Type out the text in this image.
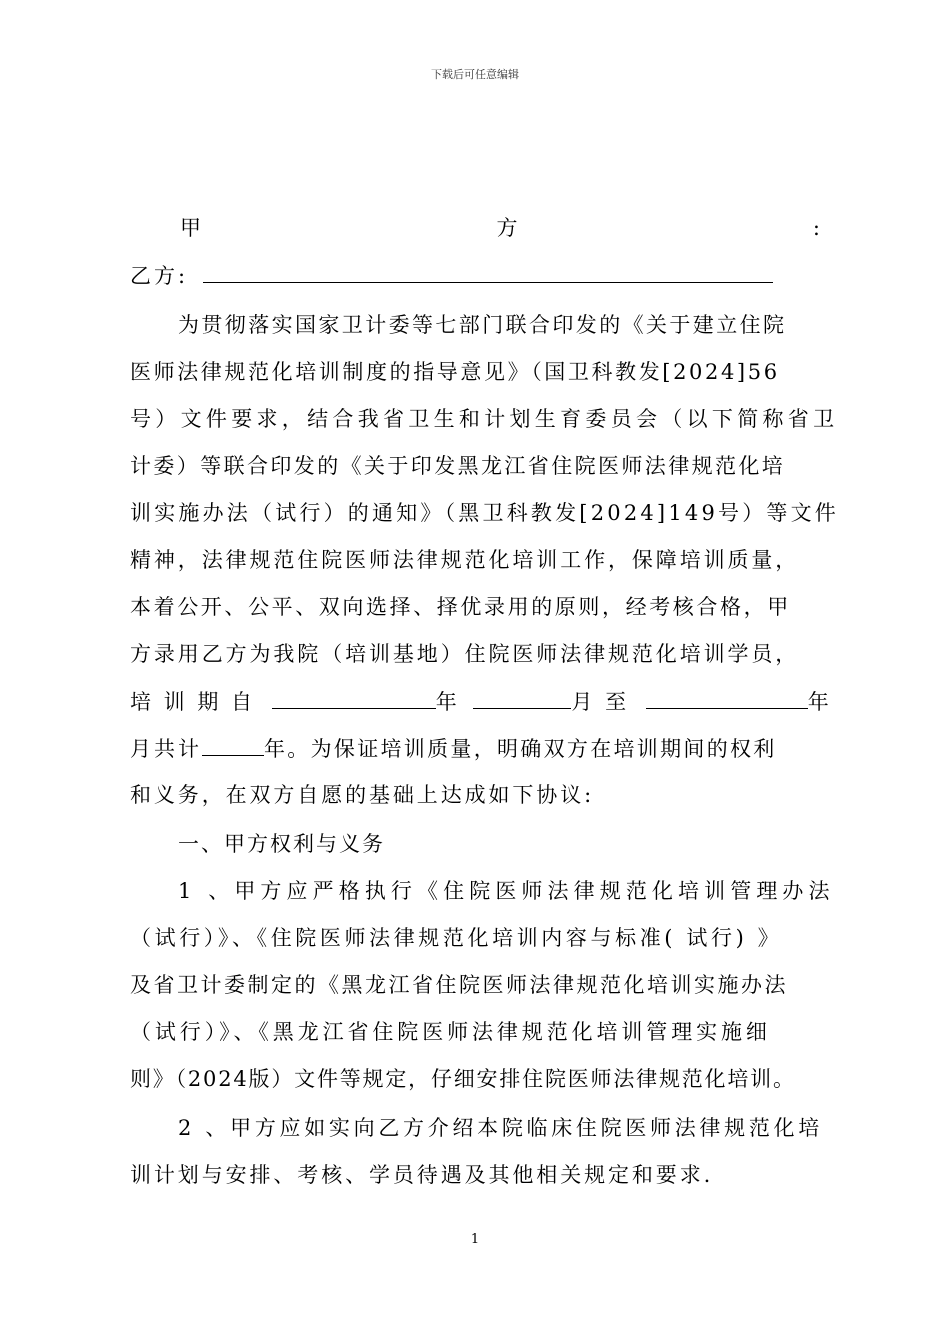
下载后可任意编辑
甲	方	:
乙方:
为贯彻落实国家卫计委等七部门联合印发的《关于建立住院
医师法律规范化培训制度的指导意见》（国卫科教发[2024]56
号）文件要求，结合我省卫生和计划生育委员会（以下简称省卫
计委）等联合印发的《关于印发黑龙江省住院医师法律规范化培
训实施办法（试行）的通知》（黑卫科教发[2024]149号）等文件
精神，法律规范住院医师法律规范化培训工作，保障培训质量，
本着公开、公平、双向选择、择优录用的原则，经考核合格，甲
方录用乙方为我院（培训基地）住院医师法律规范化培训学员，
培 训 期 自	年	月 至	年
月共计	年。为保证培训质量，明确双方在培训期间的权利
和义务，在双方自愿的基础上达成如下协议:
一、甲方权利与义务
1 、甲方应严格执行《住院医师法律规范化培训管理办法
（试行）》、《住院医师法律规范化培训内容与标准( 试行) 》
及省卫计委制定的《黑龙江省住院医师法律规范化培训实施办法
（试行）》、《黑龙江省住院医师法律规范化培训管理实施细
则》（2024版）文件等规定，仔细安排住院医师法律规范化培训。
2 、甲方应如实向乙方介绍本院临床住院医师法律规范化培
训计划与安排、考核、学员待遇及其他相关规定和要求.
1
